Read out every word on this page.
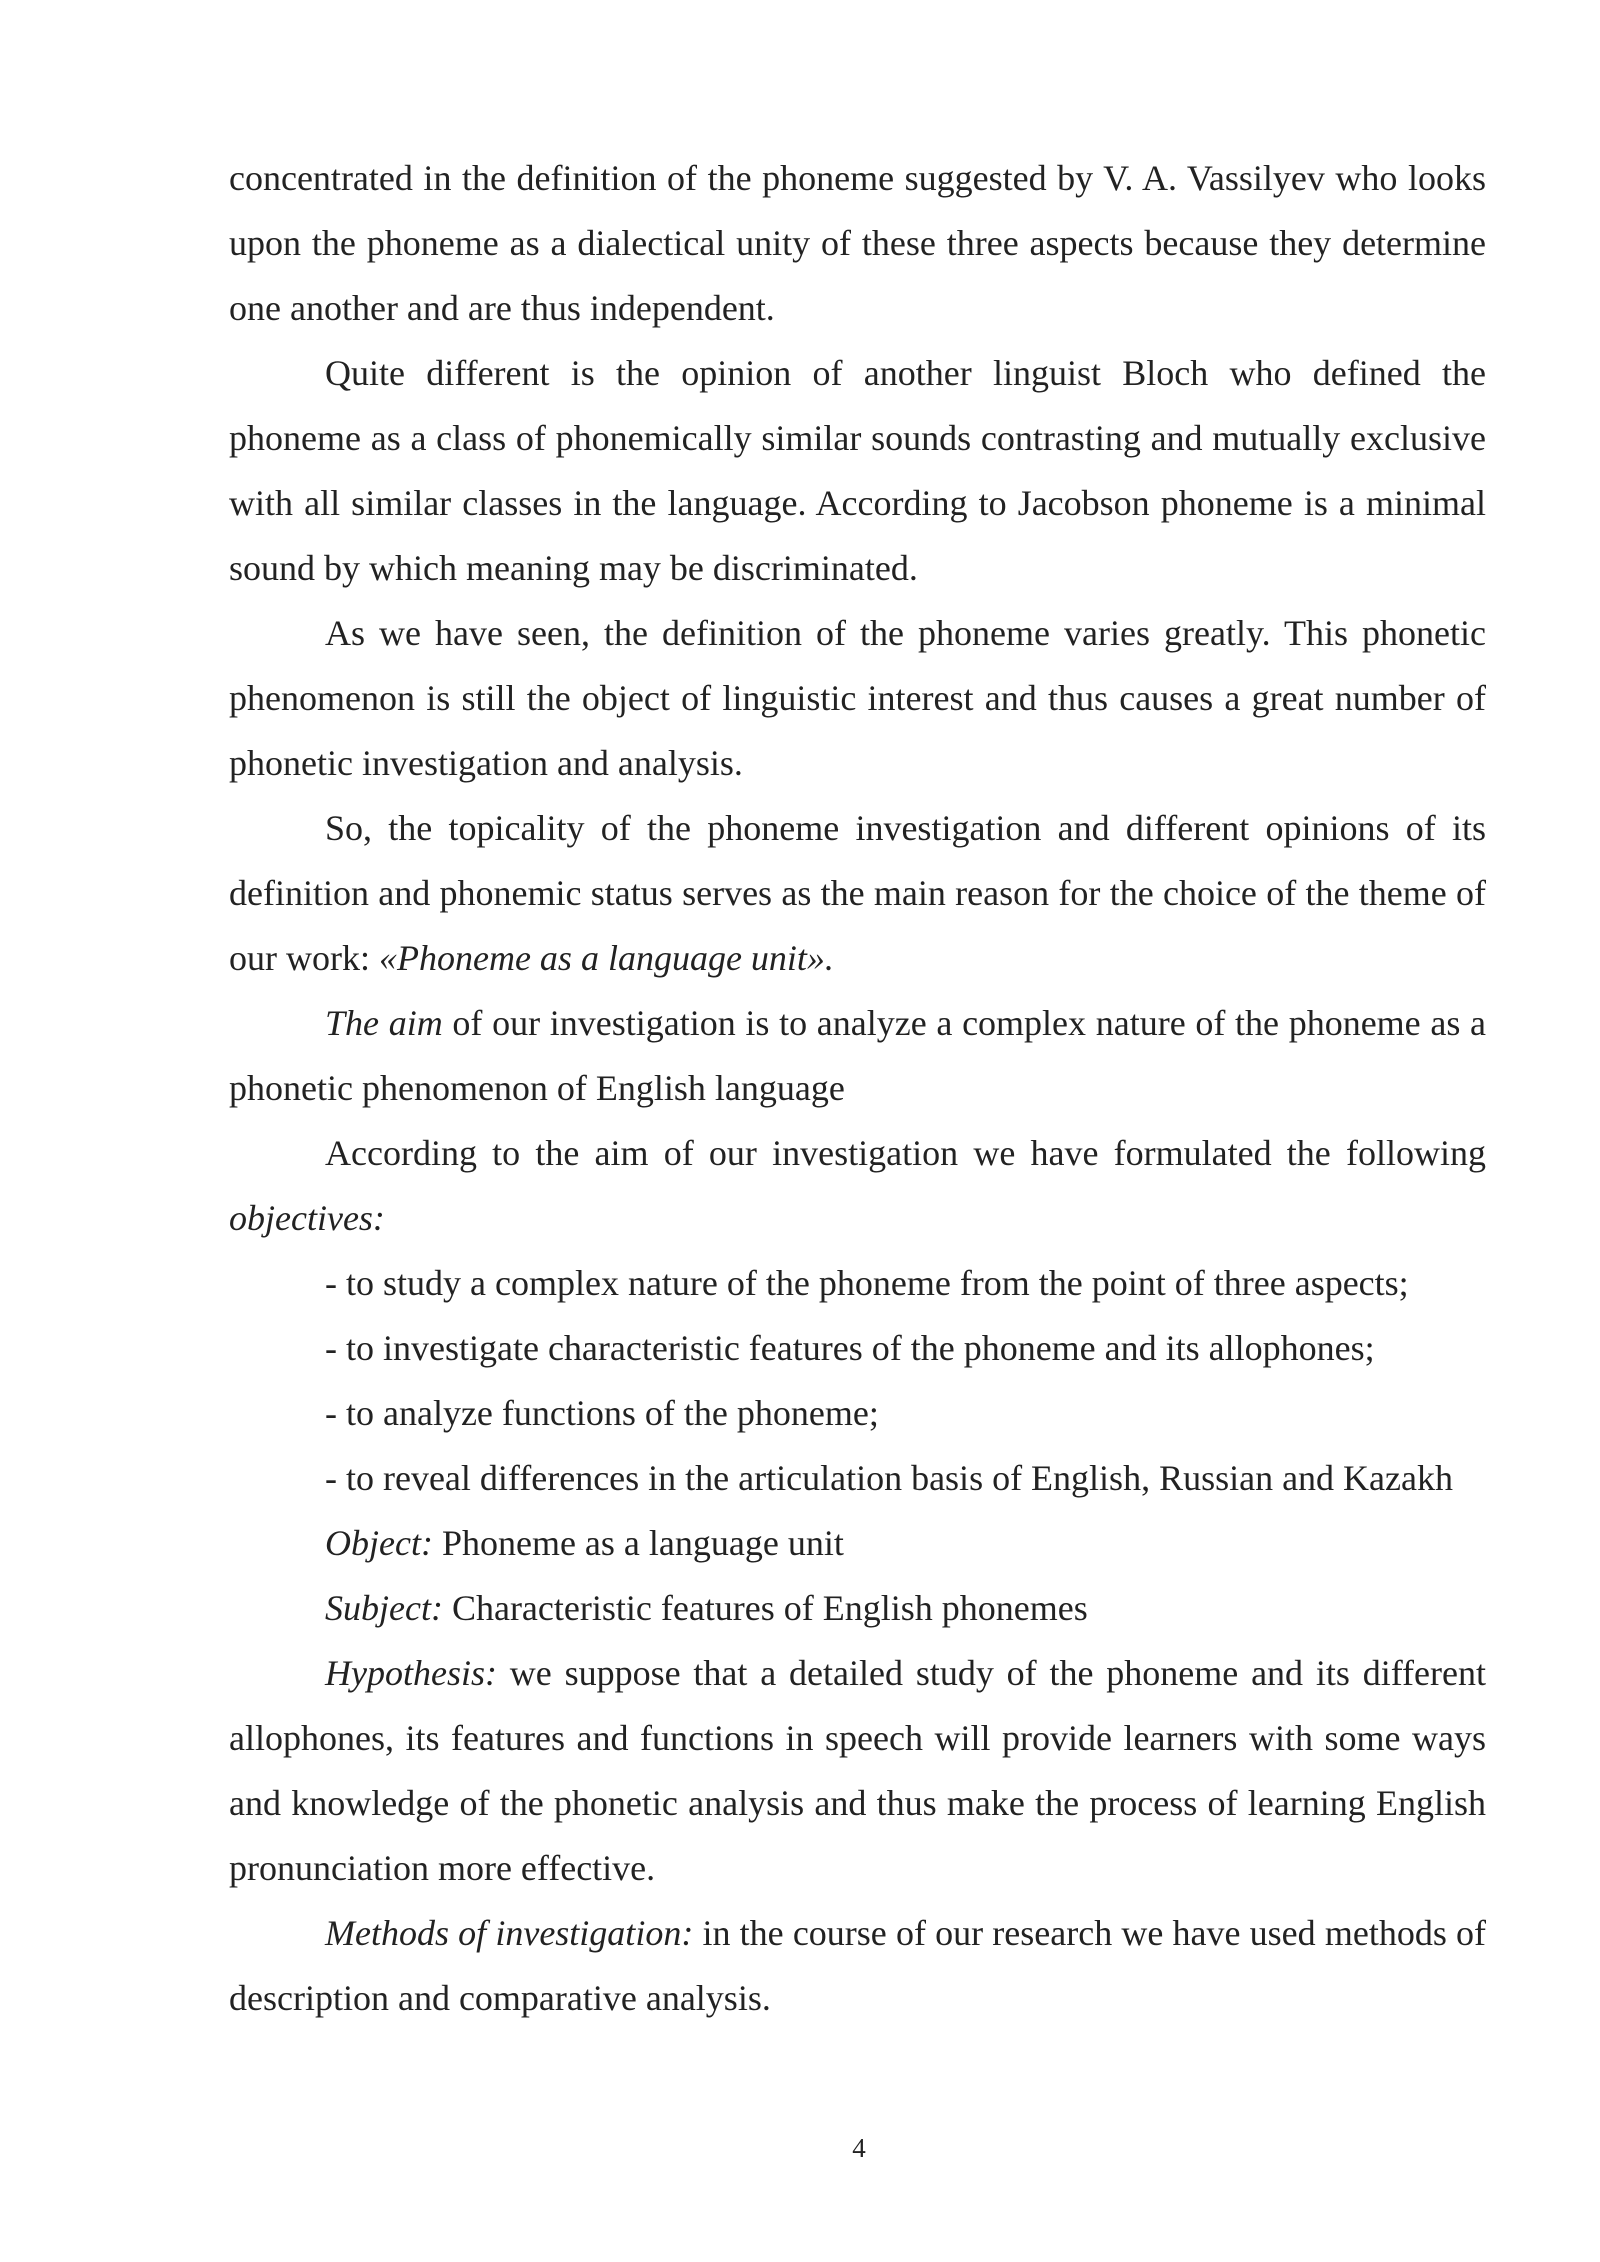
concentrated in the definition of the phoneme suggested by V. A. Vassilyev who looks upon the phoneme as a dialectical unity of these three aspects because they determine one another and are thus independent.

Quite different is the opinion of another linguist Bloch who defined the phoneme as a class of phonemically similar sounds contrasting and mutually exclusive with all similar classes in the language. According to Jacobson phoneme is a minimal sound by which meaning may be discriminated.

As we have seen, the definition of the phoneme varies greatly. This phonetic phenomenon is still the object of linguistic interest and thus causes a great number of phonetic investigation and analysis.

So, the topicality of the phoneme investigation and different opinions of its definition and phonemic status serves as the main reason for the choice of the theme of our work: «Phoneme as a language unit».

The aim of our investigation is to analyze a complex nature of the phoneme as a phonetic phenomenon of English language

According to the aim of our investigation we have formulated the following objectives:

- to study a complex nature of the phoneme from the point of three aspects;

- to investigate characteristic features of the phoneme and its allophones;

- to analyze functions of the phoneme;

- to reveal differences in the articulation basis of English, Russian and Kazakh

Object: Phoneme as a language unit

Subject: Characteristic features of English phonemes

Hypothesis: we suppose that a detailed study of the phoneme and its different allophones, its features and functions in speech will provide learners with some ways and knowledge of the phonetic analysis and thus make the process of learning English pronunciation more effective.

Methods of investigation: in the course of our research we have used methods of description and comparative analysis.

4
